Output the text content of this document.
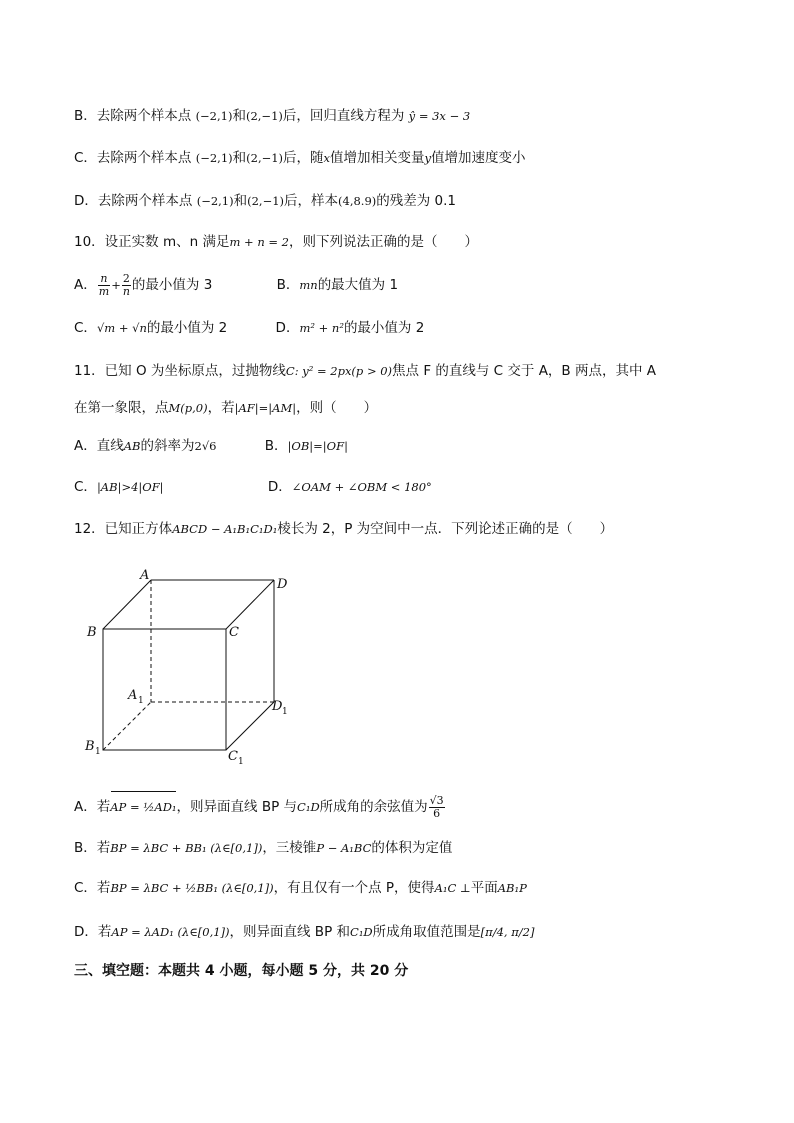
B．去除两个样本点 (−2,1)和(2,−1)后，回归直线方程为 ŷ = 3x − 3
C．去除两个样本点 (−2,1)和(2,−1)后，随x值增加相关变量y值增加速度变小
D．去除两个样本点 (−2,1)和(2,−1)后，样本(4,8.9)的残差为 0.1
10．设正实数 m、n 满足m + n = 2，则下列说法正确的是（　　）
A． $\frac{n}{m} + \frac{2}{n}$ 的最小值为 3	B．mn的最大值为 1
C．√m + √n的最小值为 2	D．m² + n²的最小值为 2
11．已知 O 为坐标原点，过抛物线C: y² = 2px(p > 0)焦点 F 的直线与 C 交于 A，B 两点，其中 A
在第一象限，点M(p,0)，若|AF|=|AM|，则（　　）
A．直线AB的斜率为2√6	B．|OB|=|OF|
C．|AB|>4|OF|	D．∠OAM + ∠OBM < 180°
12．已知正方体ABCD − A₁B₁C₁D₁棱长为 2，P 为空间中一点．下列论述正确的是（　　）
A
D
B	C
A 1	D 1
B 1	C 1
A．若AP = ½AD₁，则异面直线 BP 与C₁D所成角的余弦值为 $\frac{√3}{6}$
B．若BP = λBC + BB₁ (λ∈[0,1])，三棱锥P − A₁BC的体积为定值
C．若BP = λBC + ½BB₁ (λ∈[0,1])，有且仅有一个点 P，使得A₁C ⊥平面AB₁P
D．若AP = λAD₁ (λ∈[0,1])，则异面直线 BP 和C₁D所成角取值范围是[π/4, π/2]
三、填空题：本题共 4 小题，每小题 5 分，共 20 分
